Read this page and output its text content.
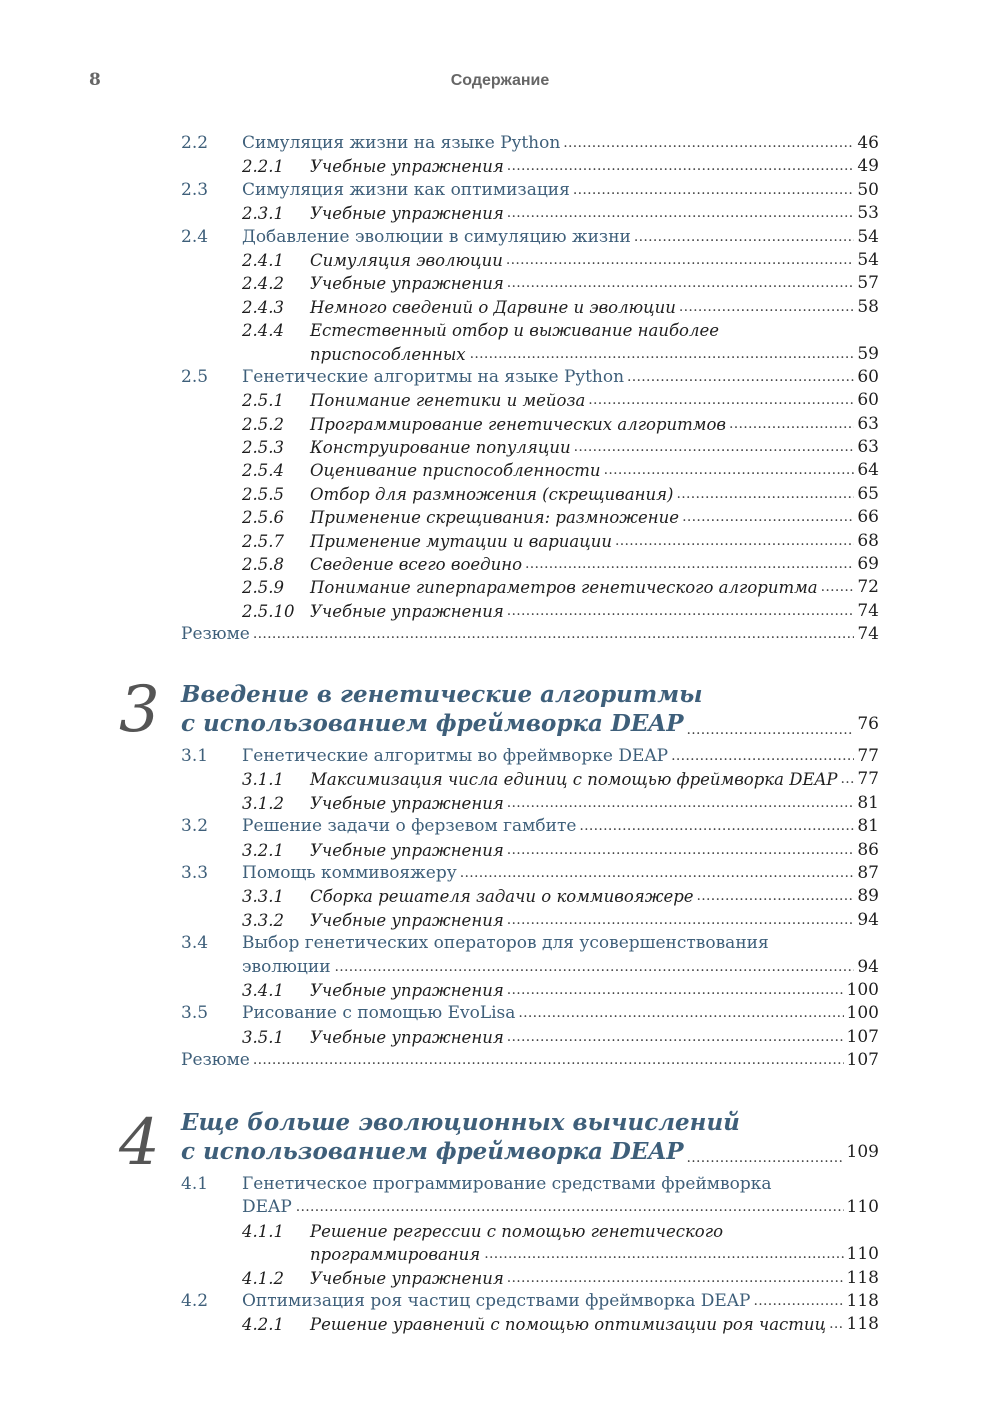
8	Содержание
2.2 Симуляция жизни на языке Python .....	46
2.2.1 Учебные упражнения .....	49
2.3 Симуляция жизни как оптимизация .....	50
2.3.1 Учебные упражнения .....	53
2.4 Добавление эволюции в симуляцию жизни .....	54
2.4.1 Симуляция эволюции .....	54
2.4.2 Учебные упражнения .....	57
2.4.3 Немного сведений о Дарвине и эволюции .....	58
2.4.4 Естественный отбор и выживание наиболее
приспособленных .....	59
2.5 Генетические алгоритмы на языке Python .....	60
2.5.1 Понимание генетики и мейоза .....	60
2.5.2 Программирование генетических алгоритмов .....	63
2.5.3 Конструирование популяции .....	63
2.5.4 Оценивание приспособленности .....	64
2.5.5 Отбор для размножения (скрещивания) .....	65
2.5.6 Применение скрещивания: размножение .....	66
2.5.7 Применение мутации и вариации .....	68
2.5.8 Сведение всего воедино .....	69
2.5.9 Понимание гиперпараметров генетического алгоритма ..... 72
2.5.10 Учебные упражнения .....	74
Резюме .....	74
3 Введение в генетические алгоритмы
с использованием фреймворка DEAP .....	76
3.1 Генетические алгоритмы во фреймворке DEAP .....	77
3.1.1 Максимизация числа единиц с помощью фреймворка DEAP ..... 77
3.1.2 Учебные упражнения .....	81
3.2 Решение задачи о ферзевом гамбите .....	81
3.2.1 Учебные упражнения .....	86
3.3 Помощь коммивояжеру .....	87
3.3.1 Сборка решателя задачи о коммивояжере .....	89
3.3.2 Учебные упражнения .....	94
3.4 Выбор генетических операторов для усовершенствования
эволюции .....	94
3.4.1 Учебные упражнения .....	100
3.5 Рисование с помощью EvoLisa .....	100
3.5.1 Учебные упражнения .....	107
Резюме .....	107
4 Еще больше эволюционных вычислений
с использованием фреймворка DEAP .....	109
4.1 Генетическое программирование средствами фреймворка
DEAP .....	110
4.1.1 Решение регрессии с помощью генетического
программирования .....	110
4.1.2 Учебные упражнения .....	118
4.2 Оптимизация роя частиц средствами фреймворка DEAP .....	118
4.2.1 Решение уравнений с помощью оптимизации роя частиц ..... 118
